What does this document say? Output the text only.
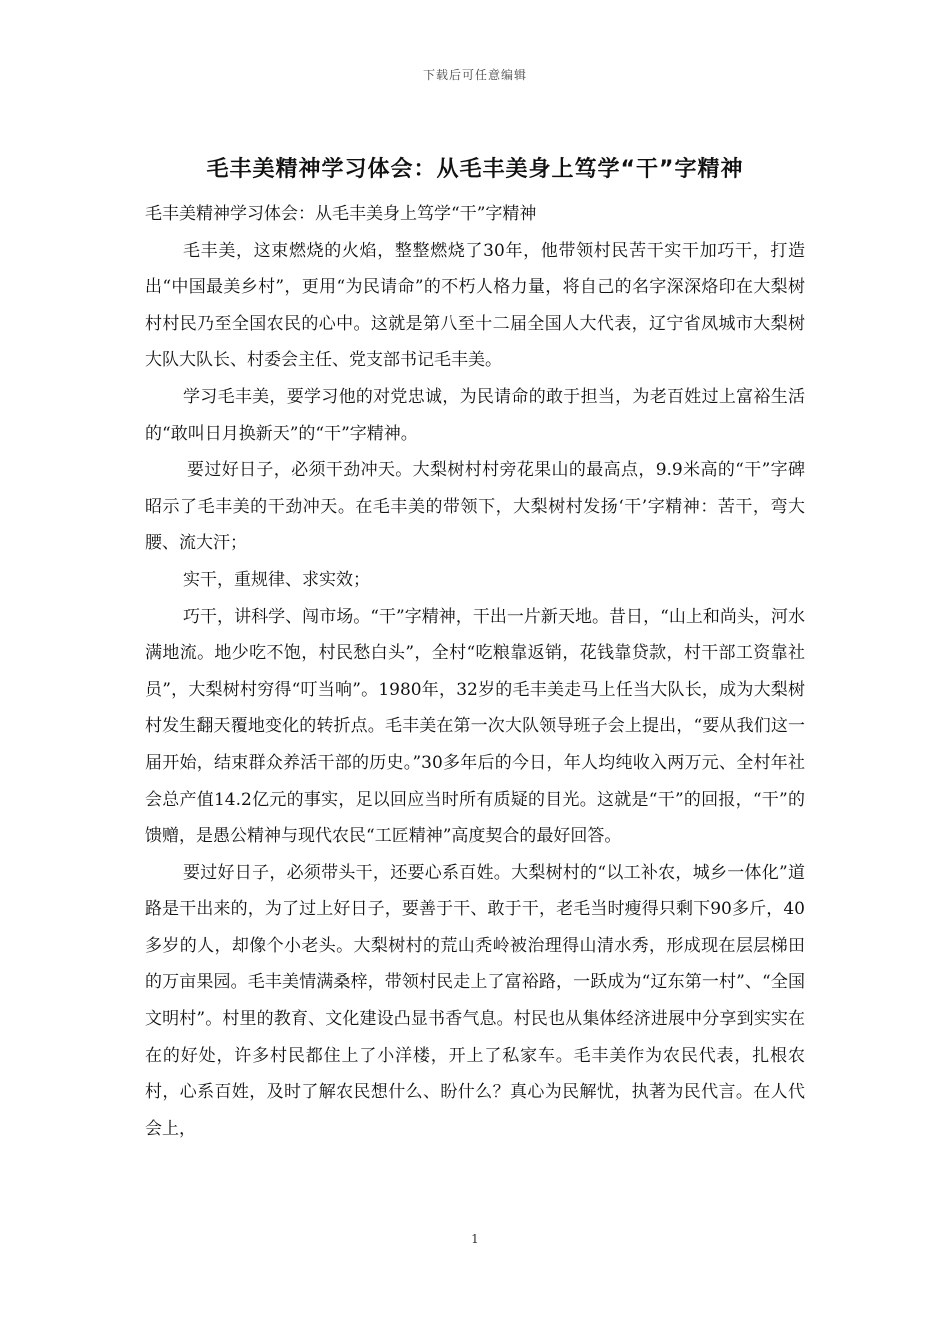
下载后可任意编辑
毛丰美精神学习体会：从毛丰美身上笃学“干”字精神

毛丰美精神学习体会：从毛丰美身上笃学“干”字精神

毛丰美，这束燃烧的火焰，整整燃烧了30年，他带领村民苦干实干加巧干，打造出“中国最美乡村”，更用“为民请命”的不朽人格力量，将自己的名字深深烙印在大梨树村村民乃至全国农民的心中。这就是第八至十二届全国人大代表，辽宁省凤城市大梨树大队大队长、村委会主任、党支部书记毛丰美。

学习毛丰美，要学习他的对党忠诚，为民请命的敢于担当，为老百姓过上富裕生活的“敢叫日月换新天”的“干”字精神。

要过好日子，必须干劲冲天。大梨树村村旁花果山的最高点，9.9米高的“干”字碑昭示了毛丰美的干劲冲天。在毛丰美的带领下，大梨树村发扬‘干’字精神：苦干，弯大腰、流大汗；

实干，重规律、求实效；

巧干，讲科学、闯市场。“干”字精神，干出一片新天地。昔日，“山上和尚头，河水满地流。地少吃不饱，村民愁白头”，全村“吃粮靠返销，花钱靠贷款，村干部工资靠社员”，大梨树村穷得“叮当响”。1980年，32岁的毛丰美走马上任当大队长，成为大梨树村发生翻天覆地变化的转折点。毛丰美在第一次大队领导班子会上提出，“要从我们这一届开始，结束群众养活干部的历史。”30多年后的今日，年人均纯收入两万元、全村年社会总产值14.2亿元的事实，足以回应当时所有质疑的目光。这就是“干”的回报，“干”的馈赠，是愚公精神与现代农民“工匠精神”高度契合的最好回答。

要过好日子，必须带头干，还要心系百姓。大梨树村的“以工补农，城乡一体化”道路是干出来的，为了过上好日子，要善于干、敢于干，老毛当时瘦得只剩下90多斤，40多岁的人，却像个小老头。大梨树村的荒山秃岭被治理得山清水秀，形成现在层层梯田的万亩果园。毛丰美情满桑梓，带领村民走上了富裕路，一跃成为“辽东第一村”、“全国文明村”。村里的教育、文化建设凸显书香气息。村民也从集体经济进展中分享到实实在在的好处，许多村民都住上了小洋楼，开上了私家车。毛丰美作为农民代表，扎根农村，心系百姓，及时了解农民想什么、盼什么？真心为民解忧，执著为民代言。在人代会上，

1
